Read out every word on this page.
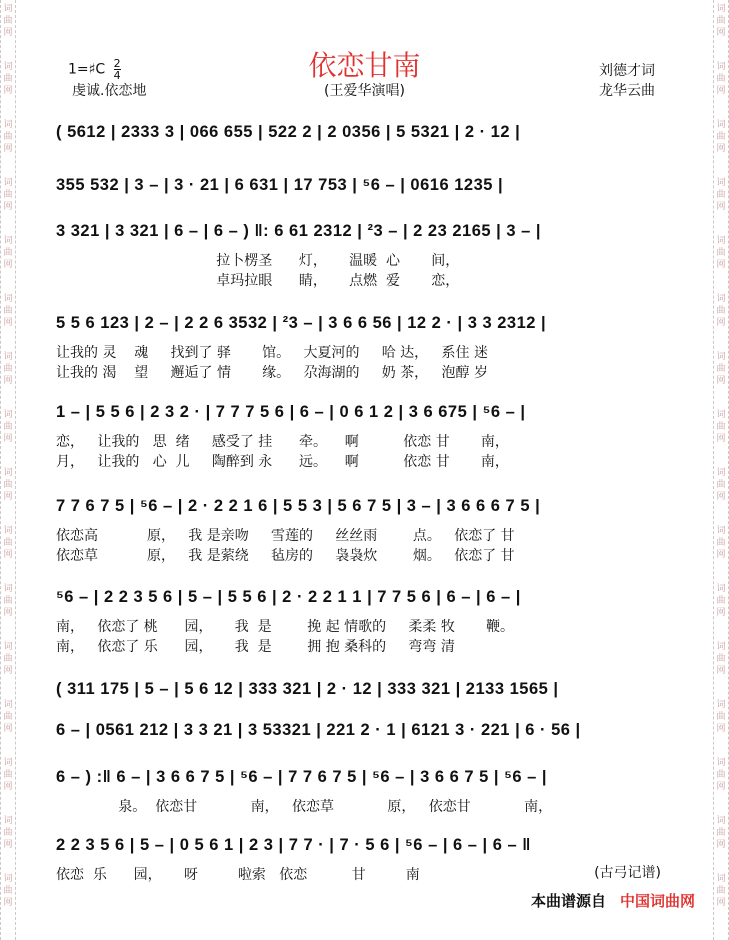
词
曲
网
词
曲
网
词
曲
网
词
曲
网
词
曲
网
词
曲
网
词
曲
网
词
曲
网
词
曲
网
词
曲
网
词
曲
网
词
曲
网
词
曲
网
词
曲
网
词
曲
网
词
曲
网
词
曲
网
词
曲
网
词
曲
网
词
曲
网
词
曲
网
词
曲
网
词
曲
网
词
曲
网
词
曲
网
词
曲
网
词
曲
网
词
曲
网
词
曲
网
词
曲
网
词
曲
网
词
曲
网
1=♯C $\frac{2}{4}$
虔诚.依恋地
依恋甘南
(王爱华演唱)
刘德才词
龙华云曲
( 5612 | 2333 3 | 066 655 | 522 2 | 2 0356 | 5 5321 | 2 · 12 |
355 532 | 3 – | 3 · 21 | 6 631 | 17 753 | ⁵6 – | 0616 1235 |
3 321 | 3 321 | 6 – | 6 – ) ‖: 6 61 2312 | ²3 – | 2 23 2165 | 3 – |
拉卜楞圣      灯，     温暖  心       间，
卓玛拉眼      睛，     点燃  爱       恋，
5 5 6 123 | 2 – | 2 2 6 3532 | ²3 – | 3 6 6 56 | 12 2 · | 3 3 2312 |
让我的 灵    魂     找到了 驿       馆。   大夏河的     哈 达，   系住 迷
让我的 渴    望     邂逅了 情       缘。   尕海湖的     奶 茶，   泡醇 岁
1 – | 5 5 6 | 2 3 2 · | 7 7 7 5 6 | 6 – | 0 6 1 2 | 3 6 675 | ⁵6 – |
恋，   让我的   思  绪     感受了 挂      牵。    啊          依恋 甘       南，
月，   让我的   心  儿     陶醉到 永      远。    啊          依恋 甘       南，
7 7 6 7 5 | ⁵6 – | 2 · 2 2 1 6 | 5 5 3 | 5 6 7 5 | 3 – | 3 6 6 6 7 5 |
依恋高           原，   我 是亲吻     雪莲的     丝丝雨        点。   依恋了 甘
依恋草           原，   我 是萦绕     毡房的     袅袅炊        烟。   依恋了 甘
⁵6 – | 2 2 3 5 6 | 5 – | 5 5 6 | 2 · 2 2 1 1 | 7 7 5 6 | 6 – | 6 – |
南，   依恋了 桃      园，     我  是        挽 起 情歌的     柔柔 牧       鞭。
南，   依恋了 乐      园，     我  是        拥 抱 桑科的     弯弯 清
( 311 175 | 5 – | 5 6 12 | 333 321 | 2 · 12 | 333 321 | 2133 1565 |
6 – | 0561 212 | 3 3 21 | 3 53321 | 221 2 · 1 | 6121 3 · 221 | 6 · 56 |
6 – ) :‖ 6 – | 3 6 6 7 5 | ⁵6 – | 7 7 6 7 5 | ⁵6 – | 3 6 6 7 5 | ⁵6 – |
泉。  依恋甘            南，   依恋草            原，   依恋甘            南，
2 2 3 5 6 | 5 – | 0 5 6 1 | 2 3 | 7 7 · | 7 · 5 6 | ⁵6 – | 6 – | 6 – ‖
依恋  乐      园，     呀         啦索   依恋          甘         南	(古弓记谱)
本曲谱源自 中国词曲网
